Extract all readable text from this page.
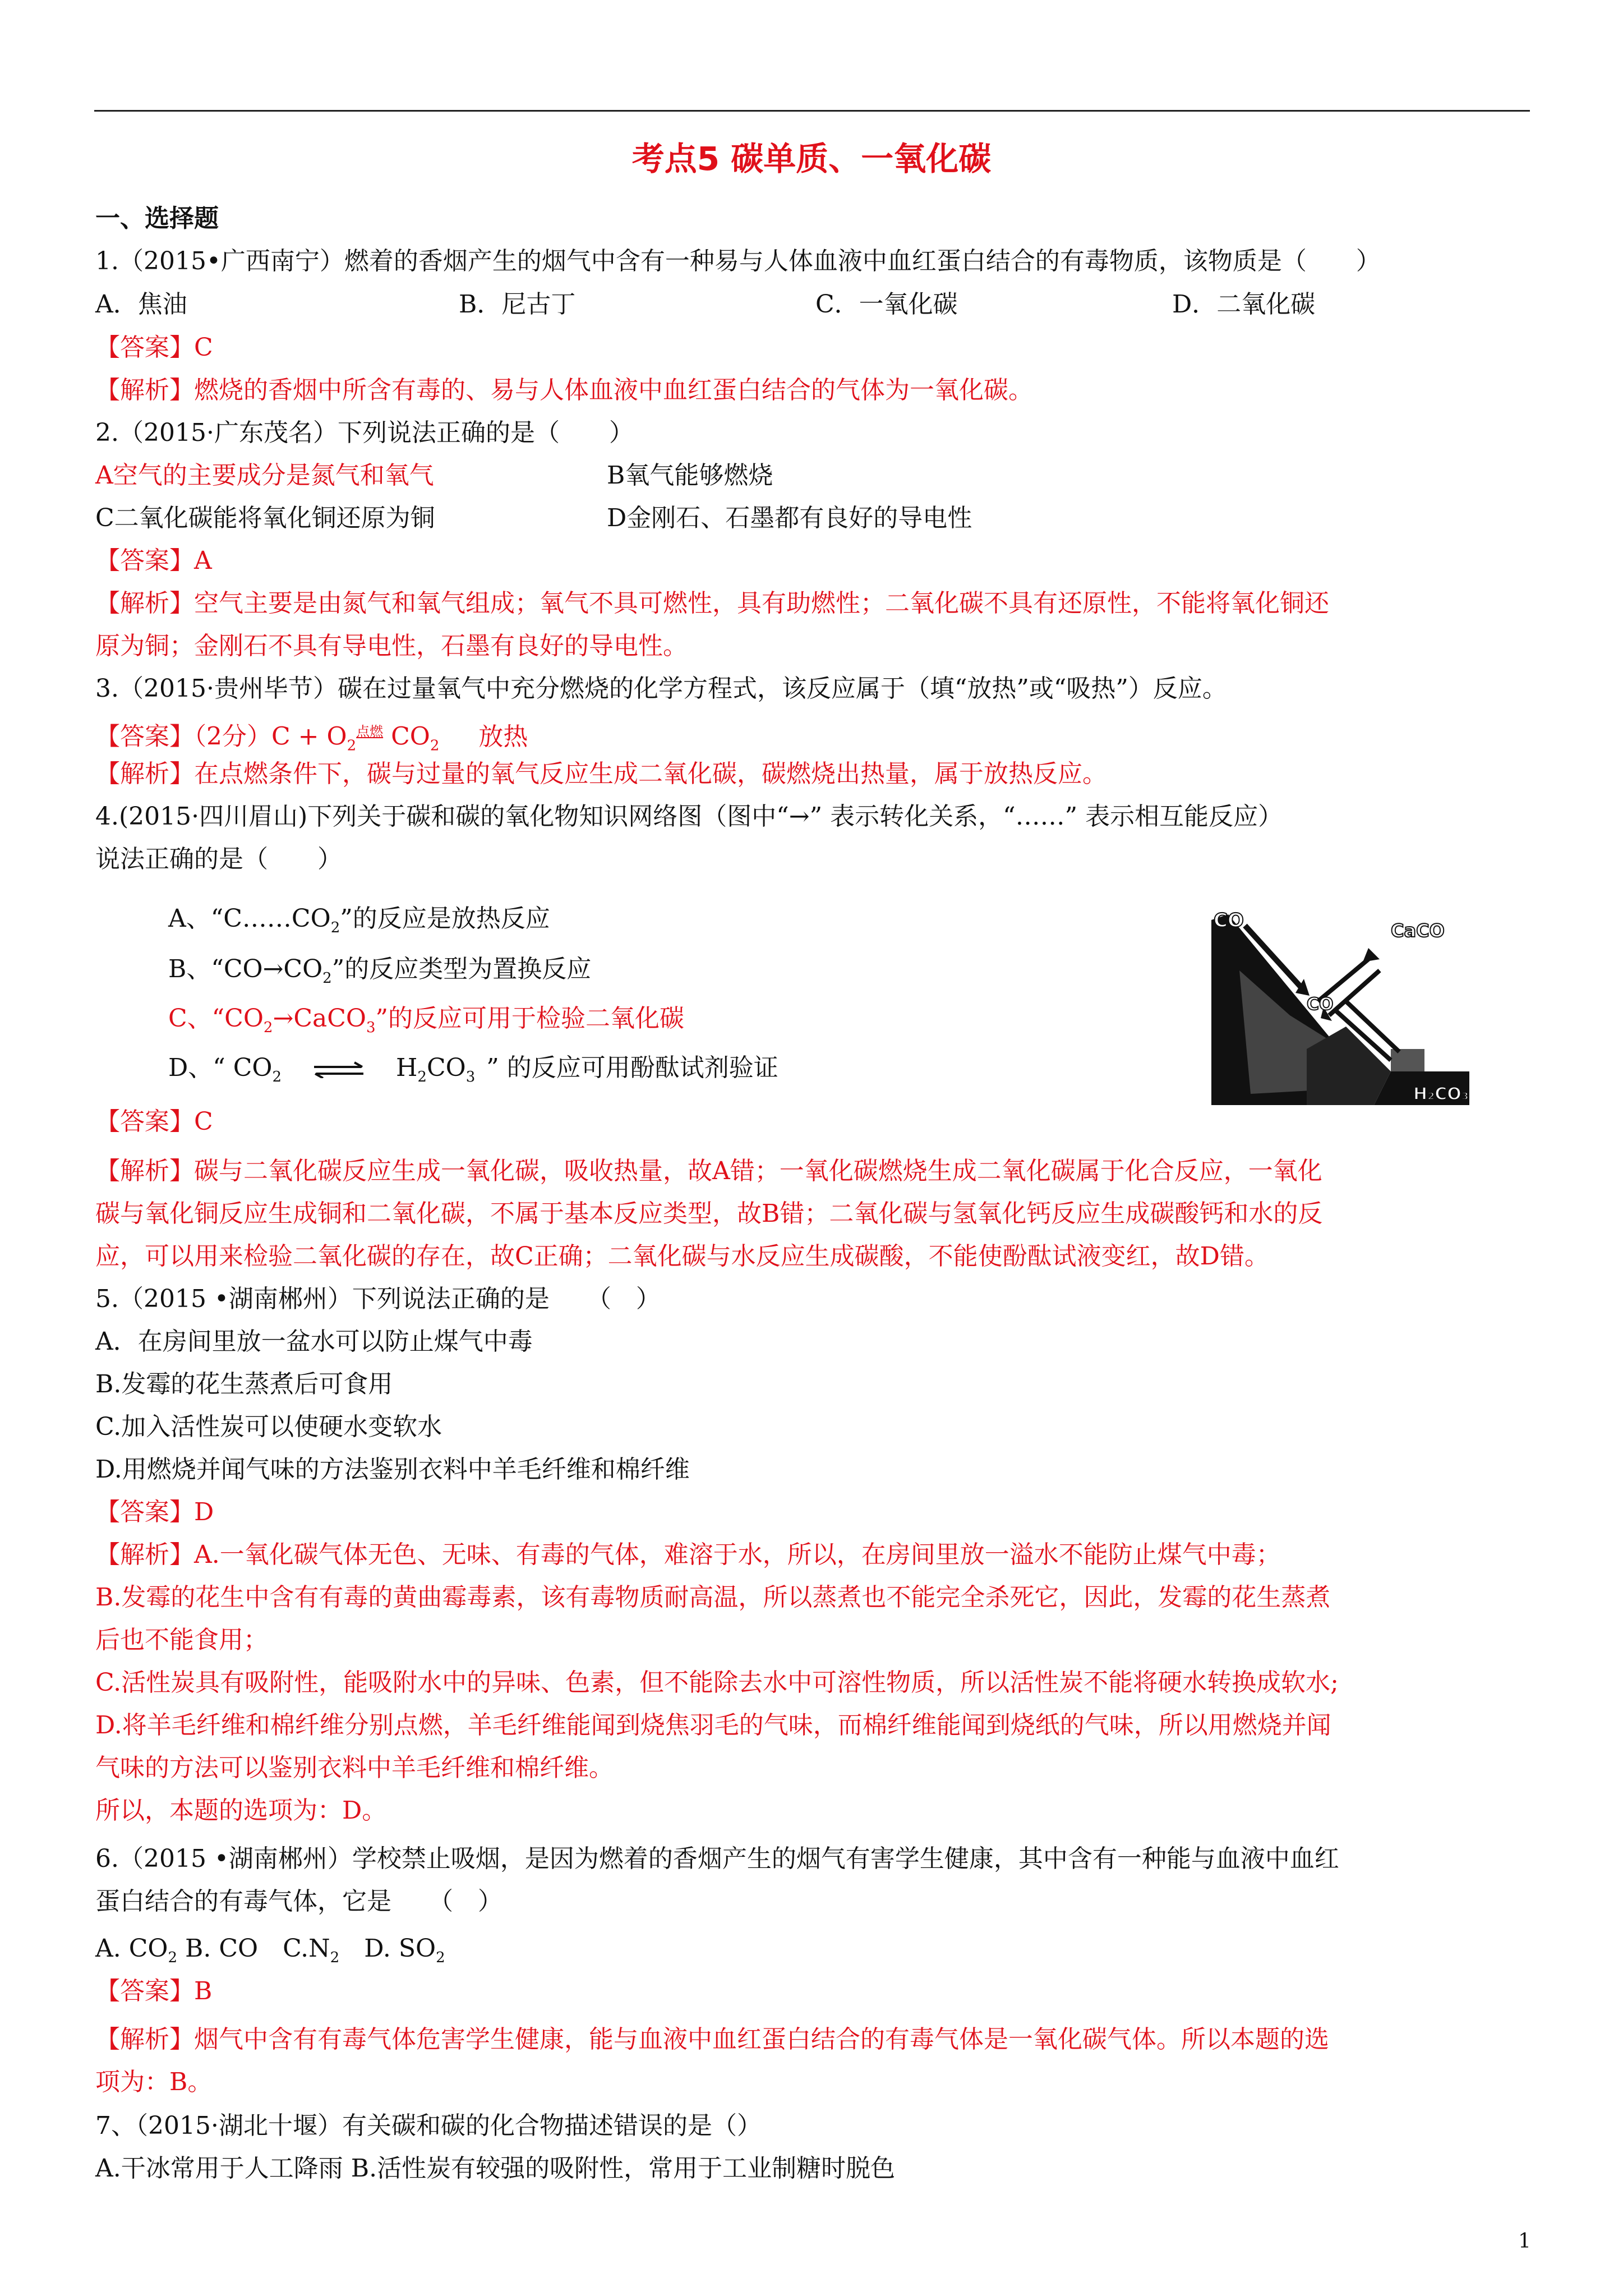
考点5 碳单质、一氧化碳
一、选择题
1.（2015•广西南宁）燃着的香烟产生的烟气中含有一种易与人体血液中血红蛋白结合的有毒物质，该物质是（　　）
A．焦油	B．尼古丁	C．一氧化碳	D．二氧化碳
【答案】C
【解析】燃烧的香烟中所含有毒的、易与人体血液中血红蛋白结合的气体为一氧化碳。
2.（2015·广东茂名）下列说法正确的是（　　）
A空气的主要成分是氮气和氧气	B氧气能够燃烧
C二氧化碳能将氧化铜还原为铜	D金刚石、石墨都有良好的导电性
【答案】A
【解析】空气主要是由氮气和氧气组成；氧气不具可燃性，具有助燃性；二氧化碳不具有还原性，不能将氧化铜还
原为铜；金刚石不具有导电性，石墨有良好的导电性。
3.（2015·贵州毕节）碳在过量氧气中充分燃烧的化学方程式，该反应属于（填“放热”或“吸热”）反应。
【答案】（2分）$C + O_2^{点燃}$ $CO_2$ 放热
【解析】在点燃条件下，碳与过量的氧气反应生成二氧化碳，碳燃烧出热量，属于放热反应。
4.(2015·四川眉山)下列关于碳和碳的氧化物知识网络图（图中“→” 表示转化关系，“……” 表示相互能反应）
说法正确的是（　　）
A、“$C\dots\dots CO_2$”的反应是放热反应
B、“$CO\to CO_2$”的反应类型为置换反应
C、“$CO_2\to CaCO_3$”的反应可用于检验二氧化碳
D、“ $CO_2$ ⇌ $H_2CO_3$ ” 的反应可用酚酞试剂验证
CO	CaCO
CO
H₂CO₃
【答案】C
【解析】碳与二氧化碳反应生成一氧化碳，吸收热量，故A错；一氧化碳燃烧生成二氧化碳属于化合反应，一氧化
碳与氧化铜反应生成铜和二氧化碳，不属于基本反应类型，故B错；二氧化碳与氢氧化钙反应生成碳酸钙和水的反
应，可以用来检验二氧化碳的存在，故C正确；二氧化碳与水反应生成碳酸，不能使酚酞试液变红，故D错。
5.（2015 •湖南郴州）下列说法正确的是　　（　）
A．在房间里放一盆水可以防止煤气中毒
B.发霉的花生蒸煮后可食用
C.加入活性炭可以使硬水变软水
D.用燃烧并闻气味的方法鉴别衣料中羊毛纤维和棉纤维
【答案】D
【解析】A.一氧化碳气体无色、无味、有毒的气体，难溶于水，所以，在房间里放一溢水不能防止煤气中毒；
B.发霉的花生中含有有毒的黄曲霉毒素，该有毒物质耐高温，所以蒸煮也不能完全杀死它，因此，发霉的花生蒸煮
后也不能食用；
C.活性炭具有吸附性，能吸附水中的异味、色素，但不能除去水中可溶性物质，所以活性炭不能将硬水转换成软水;
D.将羊毛纤维和棉纤维分别点燃，羊毛纤维能闻到烧焦羽毛的气味，而棉纤维能闻到烧纸的气味，所以用燃烧并闻
气味的方法可以鉴别衣料中羊毛纤维和棉纤维。
所以，本题的选项为：D。
6.（2015 •湖南郴州）学校禁止吸烟，是因为燃着的香烟产生的烟气有害学生健康，其中含有一种能与血液中血红
蛋白结合的有毒气体，它是　　（　）
A. $CO_2$ B. CO　$C.N_2$　D. $SO_2$
【答案】B
【解析】烟气中含有有毒气体危害学生健康，能与血液中血红蛋白结合的有毒气体是一氧化碳气体。所以本题的选
项为：B。
7、（2015·湖北十堰）有关碳和碳的化合物描述错误的是（）
A.干冰常用于人工降雨 B.活性炭有较强的吸附性，常用于工业制糖时脱色
1
